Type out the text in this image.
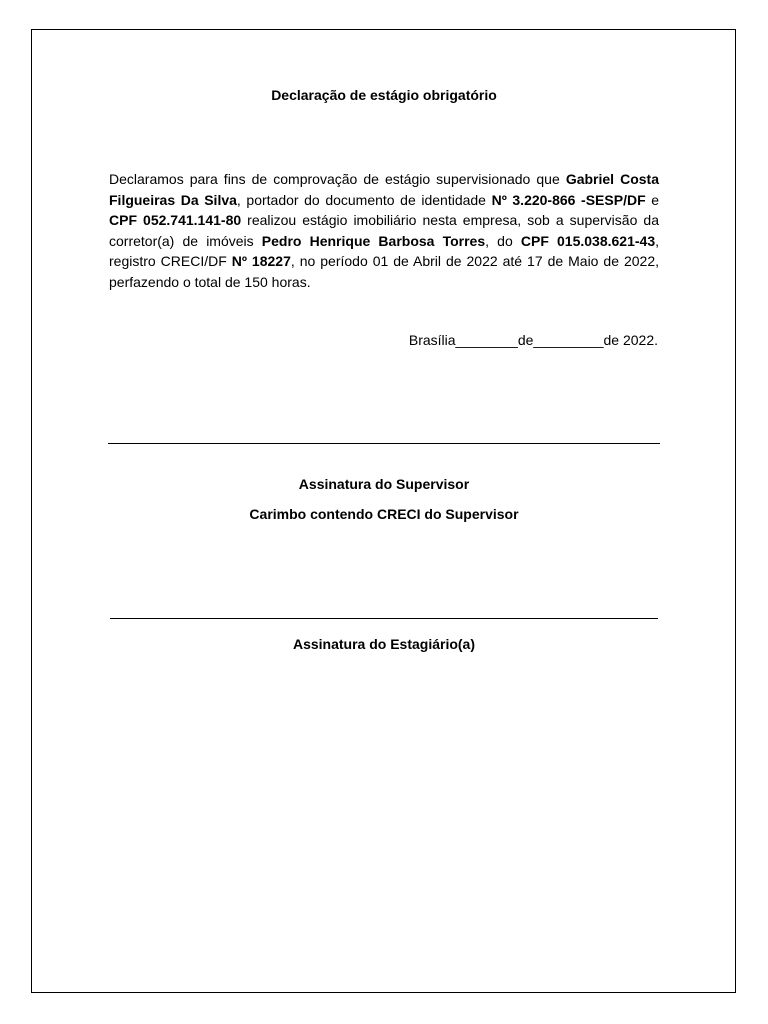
Declaração de estágio obrigatório
Declaramos para fins de comprovação de estágio supervisionado que Gabriel Costa Filgueiras Da Silva, portador do documento de identidade Nº 3.220-866 -SESP/DF e CPF 052.741.141-80 realizou estágio imobiliário nesta empresa, sob a supervisão da corretor(a) de imóveis Pedro Henrique Barbosa Torres, do CPF 015.038.621-43, registro CRECI/DF Nº 18227, no período 01 de Abril de 2022 até 17 de Maio de 2022, perfazendo o total de 150 horas.
Brasília________de_________de 2022.
Assinatura do Supervisor
Carimbo contendo CRECI do Supervisor
Assinatura do Estagiário(a)
